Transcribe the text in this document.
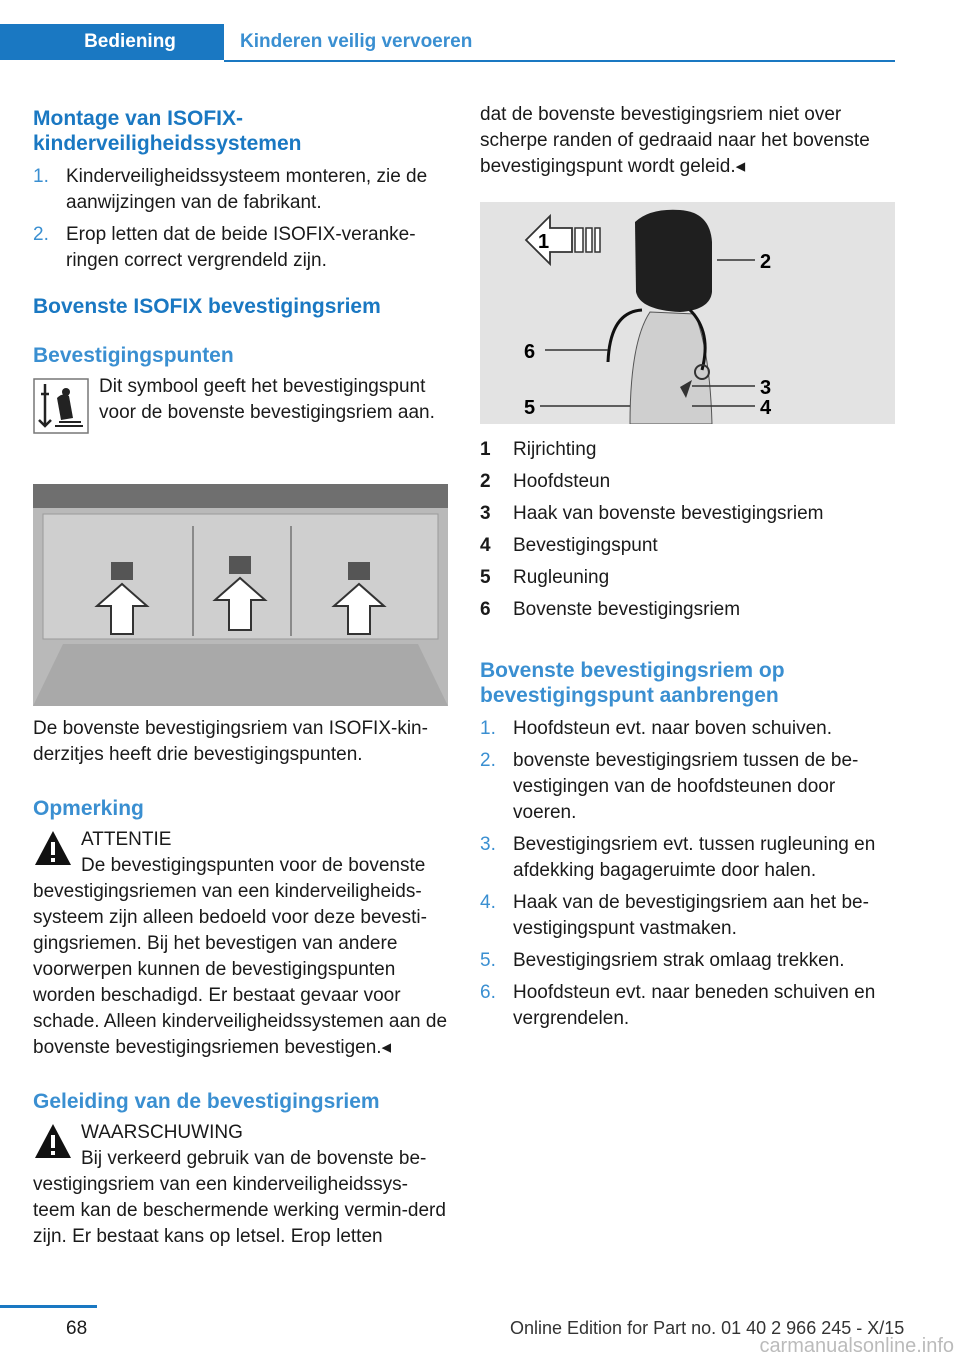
Bediening	Kinderen veilig vervoeren
Montage van ISOFIX-kinderveiligheidssystemen
1. Kinderveiligheidssysteem monteren, zie de aanwijzingen van de fabrikant.
2. Erop letten dat de beide ISOFIX-veranke-ringen correct vergrendeld zijn.
Bovenste ISOFIX bevestigingsriem
Bevestigingspunten

Dit symbool geeft het bevestigingspunt voor de bovenste bevestigingsriem aan.

De bovenste bevestigingsriem van ISOFIX-kin-derzitjes heeft drie bevestigingspunten.

Opmerking

ATTENTIE

De bevestigingspunten voor de bovenste bevestigingsriemen van een kinderveiligheids-systeem zijn alleen bedoeld voor deze bevesti-gingsriemen. Bij het bevestigen van andere voorwerpen kunnen de bevestigingspunten worden beschadigd. Er bestaat gevaar voor schade. Alleen kinderveiligheidssystemen aan de bovenste bevestigingsriemen bevestigen.◂

Geleiding van de bevestigingsriem

WAARSCHUWING

Bij verkeerd gebruik van de bovenste be-vestigingsriem van een kinderveiligheidssys-teem kan de beschermende werking vermin-derd zijn. Er bestaat kans op letsel. Erop letten

dat de bovenste bevestigingsriem niet over scherpe randen of gedraaid naar het bovenste bevestigingspunt wordt geleid.◂

1
2
3
4
5
6
1 Rijrichting
2 Hoofdsteun
3 Haak van bovenste bevestigingsriem
4 Bevestigingspunt
5 Rugleuning
6 Bovenste bevestigingsriem
Bovenste bevestigingsriem op bevestigingspunt aanbrengen
1. Hoofdsteun evt. naar boven schuiven.
2. bovenste bevestigingsriem tussen de be-vestigingen van de hoofdsteunen door voeren.
3. Bevestigingsriem evt. tussen rugleuning en afdekking bagageruimte door halen.
4. Haak van de bevestigingsriem aan het be-vestigingspunt vastmaken.
5. Bevestigingsriem strak omlaag trekken.
6. Hoofdsteun evt. naar beneden schuiven en vergrendelen.
68	Online Edition for Part no. 01 40 2 966 245 - X/15
carmanualsonline.info
